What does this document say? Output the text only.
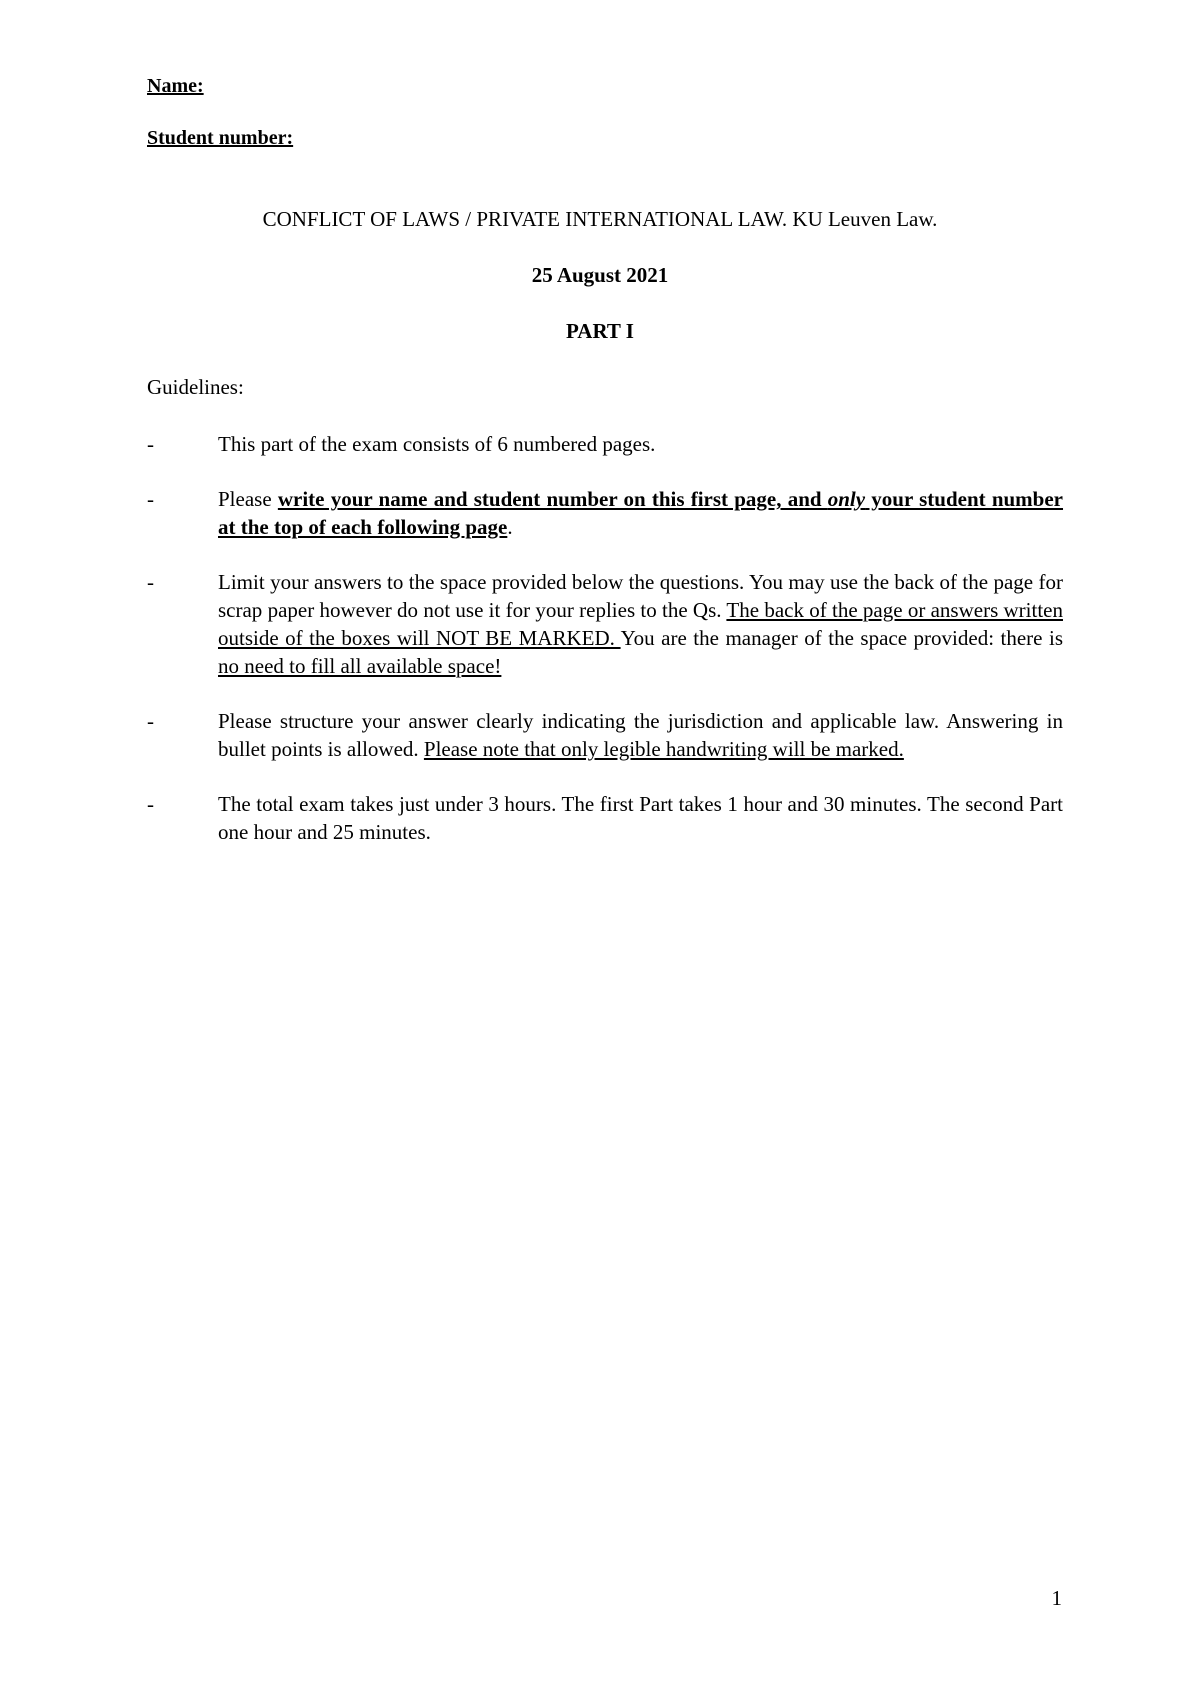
Name:
Student number:
CONFLICT OF LAWS / PRIVATE INTERNATIONAL LAW. KU Leuven Law.
25 August 2021
PART I
Guidelines:
-	This part of the exam consists of 6 numbered pages.
-	Please write your name and student number on this first page, and only your student number at the top of each following page.
-	Limit your answers to the space provided below the questions. You may use the back of the page for scrap paper however do not use it for your replies to the Qs. The back of the page or answers written outside of the boxes will NOT BE MARKED. You are the manager of the space provided: there is no need to fill all available space!
-	Please structure your answer clearly indicating the jurisdiction and applicable law. Answering in bullet points is allowed. Please note that only legible handwriting will be marked.
-	The total exam takes just under 3 hours. The first Part takes 1 hour and 30 minutes. The second Part one hour and 25 minutes.
1
